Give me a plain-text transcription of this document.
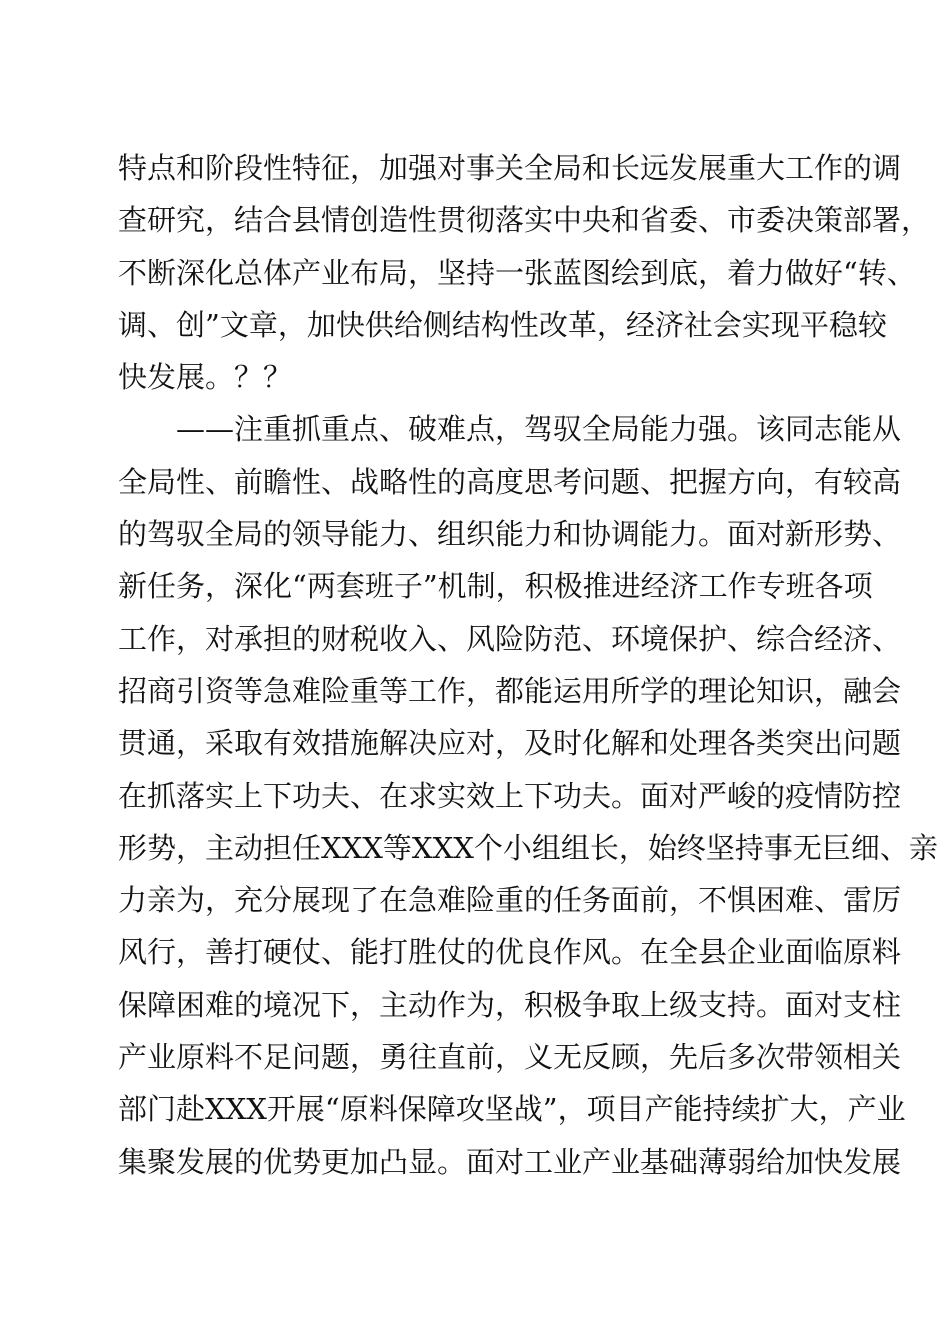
特点和阶段性特征，加强对事关全局和长远发展重大工作的调
查研究，结合县情创造性贯彻落实中央和省委、市委决策部署，
不断深化总体产业布局，坚持一张蓝图绘到底，着力做好“转、
调、创”文章，加快供给侧结构性改革，经济社会实现平稳较
快发展。？？
——注重抓重点、破难点，驾驭全局能力强。该同志能从
全局性、前瞻性、战略性的高度思考问题、把握方向，有较高
的驾驭全局的领导能力、组织能力和协调能力。面对新形势、
新任务，深化“两套班子”机制，积极推进经济工作专班各项
工作，对承担的财税收入、风险防范、环境保护、综合经济、
招商引资等急难险重等工作，都能运用所学的理论知识，融会
贯通，采取有效措施解决应对，及时化解和处理各类突出问题
在抓落实上下功夫、在求实效上下功夫。面对严峻的疫情防控
形势，主动担任XXX等XXX个小组组长，始终坚持事无巨细、亲
力亲为，充分展现了在急难险重的任务面前，不惧困难、雷厉
风行，善打硬仗、能打胜仗的优良作风。在全县企业面临原料
保障困难的境况下，主动作为，积极争取上级支持。面对支柱
产业原料不足问题，勇往直前，义无反顾，先后多次带领相关
部门赴XXX开展“原料保障攻坚战”，项目产能持续扩大，产业
集聚发展的优势更加凸显。面对工业产业基础薄弱给加快发展
